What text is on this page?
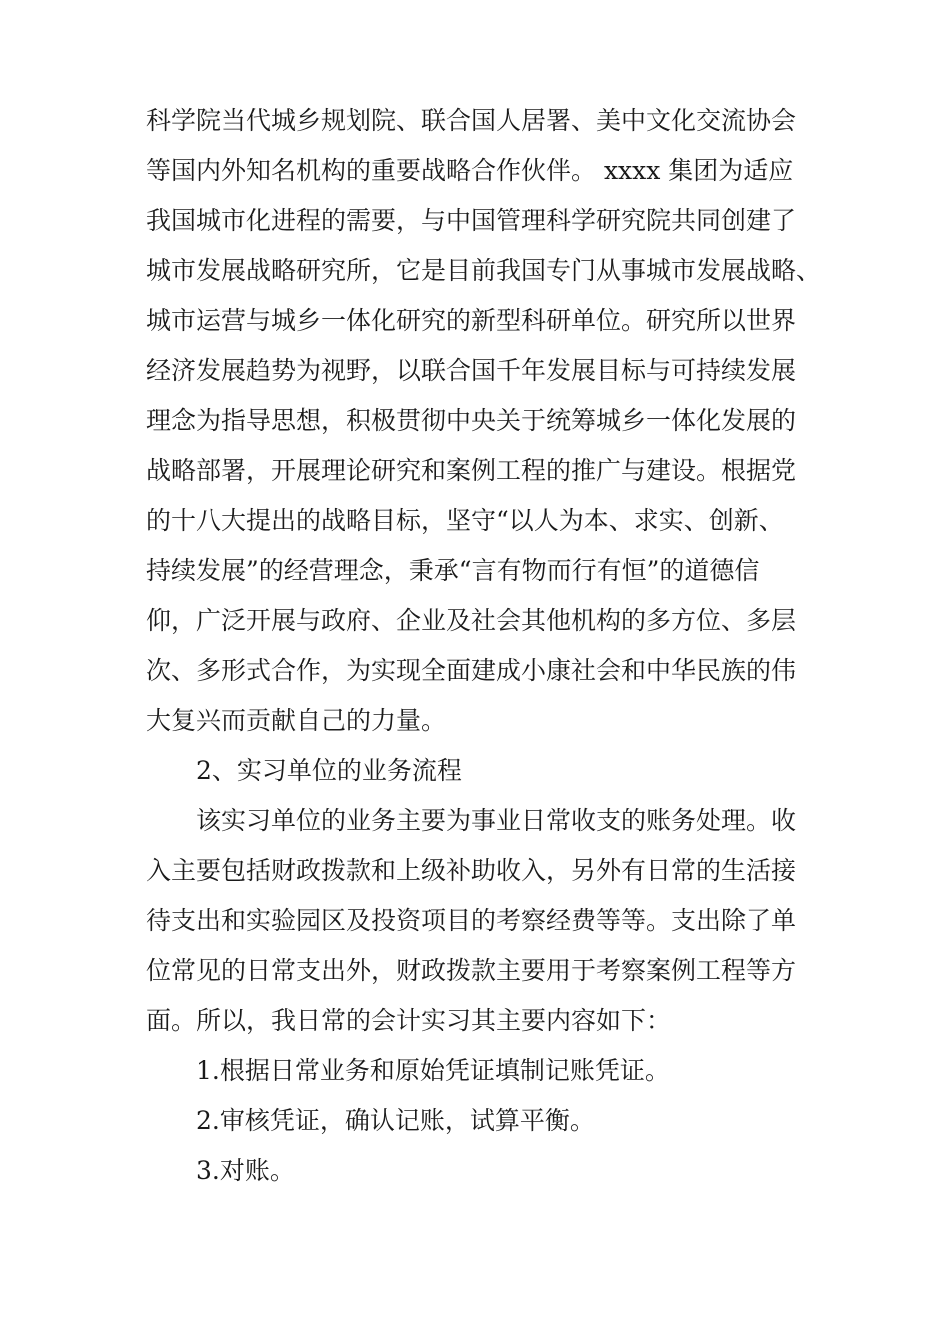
科学院当代城乡规划院、联合国人居署、美中文化交流协会
等国内外知名机构的重要战略合作伙伴。 xxxx 集团为适应
我国城市化进程的需要，与中国管理科学研究院共同创建了
城市发展战略研究所，它是目前我国专门从事城市发展战略、
城市运营与城乡一体化研究的新型科研单位。研究所以世界
经济发展趋势为视野，以联合国千年发展目标与可持续发展
理念为指导思想，积极贯彻中央关于统筹城乡一体化发展的
战略部署，开展理论研究和案例工程的推广与建设。根据党
的十八大提出的战略目标，坚守“以人为本、求实、创新、
持续发展”的经营理念，秉承“言有物而行有恒”的道德信
仰，广泛开展与政府、企业及社会其他机构的多方位、多层
次、多形式合作，为实现全面建成小康社会和中华民族的伟
大复兴而贡献自己的力量。
2、实习单位的业务流程
该实习单位的业务主要为事业日常收支的账务处理。收
入主要包括财政拨款和上级补助收入，另外有日常的生活接
待支出和实验园区及投资项目的考察经费等等。支出除了单
位常见的日常支出外，财政拨款主要用于考察案例工程等方
面。所以，我日常的会计实习其主要内容如下：
1.根据日常业务和原始凭证填制记账凭证。
2.审核凭证，确认记账，试算平衡。
3.对账。
